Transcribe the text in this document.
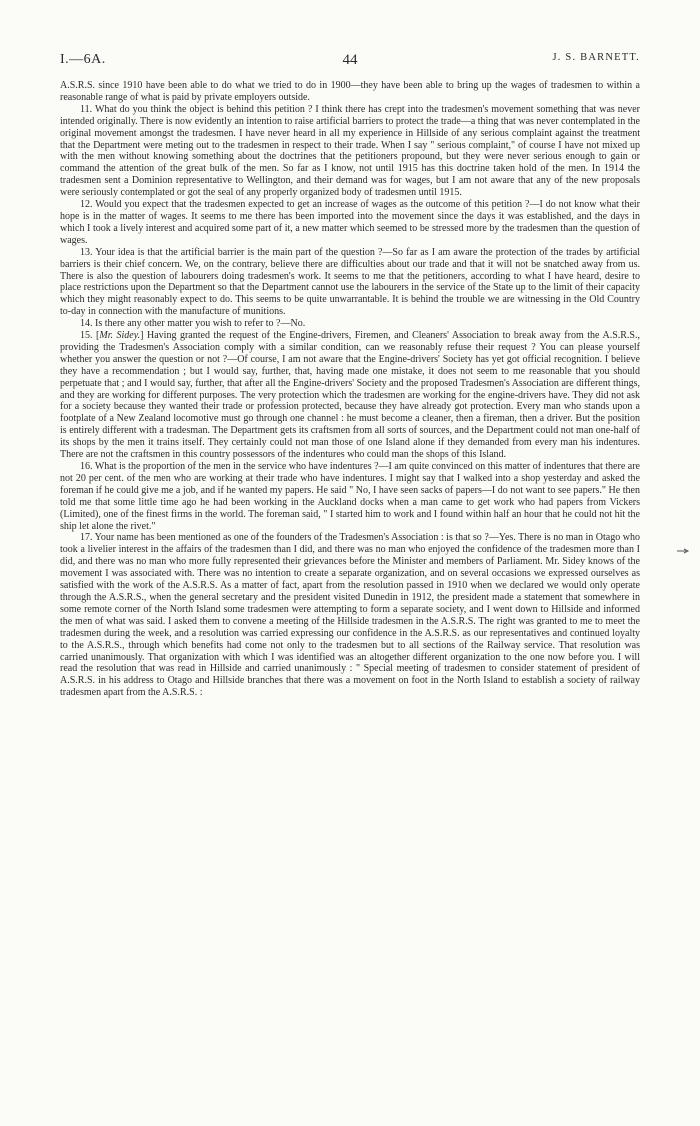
I.—6A.	44	J. S. BARNETT.

A.S.R.S. since 1910 have been able to do what we tried to do in 1900—they have been able to bring up the wages of tradesmen to within a reasonable range of what is paid by private employers outside.

11. What do you think the object is behind this petition ? I think there has crept into the tradesmen's movement something that was never intended originally. There is now evidently an intention to raise artificial barriers to protect the trade—a thing that was never contemplated in the original movement amongst the tradesmen. I have never heard in all my experience in Hillside of any serious complaint against the treatment that the Department were meting out to the tradesmen in respect to their trade. When I say " serious complaint," of course I have not mixed up with the men without knowing something about the doctrines that the petitioners propound, but they were never serious enough to gain or command the attention of the great bulk of the men. So far as I know, not until 1915 has this doctrine taken hold of the men. In 1914 the tradesmen sent a Dominion representative to Wellington, and their demand was for wages, but I am not aware that any of the new proposals were seriously contemplated or got the seal of any properly organized body of tradesmen until 1915.

12. Would you expect that the tradesmen expected to get an increase of wages as the outcome of this petition ?—I do not know what their hope is in the matter of wages. It seems to me there has been imported into the movement since the days it was established, and the days in which I took a lively interest and acquired some part of it, a new matter which seemed to be stressed more by the tradesmen than the question of wages.

13. Your idea is that the artificial barrier is the main part of the question ?—So far as I am aware the protection of the trades by artificial barriers is their chief concern. We, on the contrary, believe there are difficulties about our trade and that it will not be snatched away from us. There is also the question of labourers doing tradesmen's work. It seems to me that the petitioners, according to what I have heard, desire to place restrictions upon the Department so that the Department cannot use the labourers in the service of the State up to the limit of their capacity which they might reasonably expect to do. This seems to be quite unwarrantable. It is behind the trouble we are witnessing in the Old Country to-day in connection with the manufacture of munitions.

14. Is there any other matter you wish to refer to ?—No.

15. [Mr. Sidey.] Having granted the request of the Engine-drivers, Firemen, and Cleaners' Association to break away from the A.S.R.S., providing the Tradesmen's Association comply with a similar condition, can we reasonably refuse their request ? You can please yourself whether you answer the question or not ?—Of course, I am not aware that the Engine-drivers' Society has yet got official recognition. I believe they have a recommendation ; but I would say, further, that, having made one mistake, it does not seem to me reasonable that you should perpetuate that ; and I would say, further, that after all the Engine-drivers' Society and the proposed Tradesmen's Association are different things, and they are working for different purposes. The very protection which the tradesmen are working for the engine-drivers have. They did not ask for a society because they wanted their trade or profession protected, because they have already got protection. Every man who stands upon a footplate of a New Zealand locomotive must go through one channel : he must become a cleaner, then a fireman, then a driver. But the position is entirely different with a tradesman. The Department gets its craftsmen from all sorts of sources, and the Department could not man one-half of its shops by the men it trains itself. They certainly could not man those of one Island alone if they demanded from every man his indentures. There are not the craftsmen in this country possessors of the indentures who could man the shops of this Island.

16. What is the proportion of the men in the service who have indentures ?—I am quite convinced on this matter of indentures that there are not 20 per cent. of the men who are working at their trade who have indentures. I might say that I walked into a shop yesterday and asked the foreman if he could give me a job, and if he wanted my papers. He said " No, I have seen sacks of papers—I do not want to see papers." He then told me that some little time ago he had been working in the Auckland docks when a man came to get work who had papers from Vickers (Limited), one of the finest firms in the world. The foreman said, " I started him to work and I found within half an hour that he could not hit the ship let alone the rivet."

17. Your name has been mentioned as one of the founders of the Tradesmen's Association : is that so ?—Yes. There is no man in Otago who took a livelier interest in the affairs of the tradesmen than I did, and there was no man who enjoyed the confidence of the tradesmen more than I did, and there was no man who more fully represented their grievances before the Minister and members of Parliament. Mr. Sidey knows of the movement I was associated with. There was no intention to create a separate organization, and on several occasions we expressed ourselves as satisfied with the work of the A.S.R.S. As a matter of fact, apart from the resolution passed in 1910 when we declared we would only operate through the A.S.R.S., when the general secretary and the president visited Dunedin in 1912, the president made a statement that somewhere in some remote corner of the North Island some tradesmen were attempting to form a separate society, and I went down to Hillside and informed the men of what was said. I asked them to convene a meeting of the Hillside tradesmen in the A.S.R.S. The right was granted to me to meet the tradesmen during the week, and a resolution was carried expressing our confidence in the A.S.R.S. as our representatives and continued loyalty to the A.S.R.S., through which benefits had come not only to the tradesmen but to all sections of the Railway service. That resolution was carried unanimously. That organization with which I was identified was an altogether different organization to the one now before you. I will read the resolution that was read in Hillside and carried unanimously : " Special meeting of tradesmen to consider statement of president of A.S.R.S. in his address to Otago and Hillside branches that there was a movement on foot in the North Island to establish a society of railway tradesmen apart from the A.S.R.S. :
